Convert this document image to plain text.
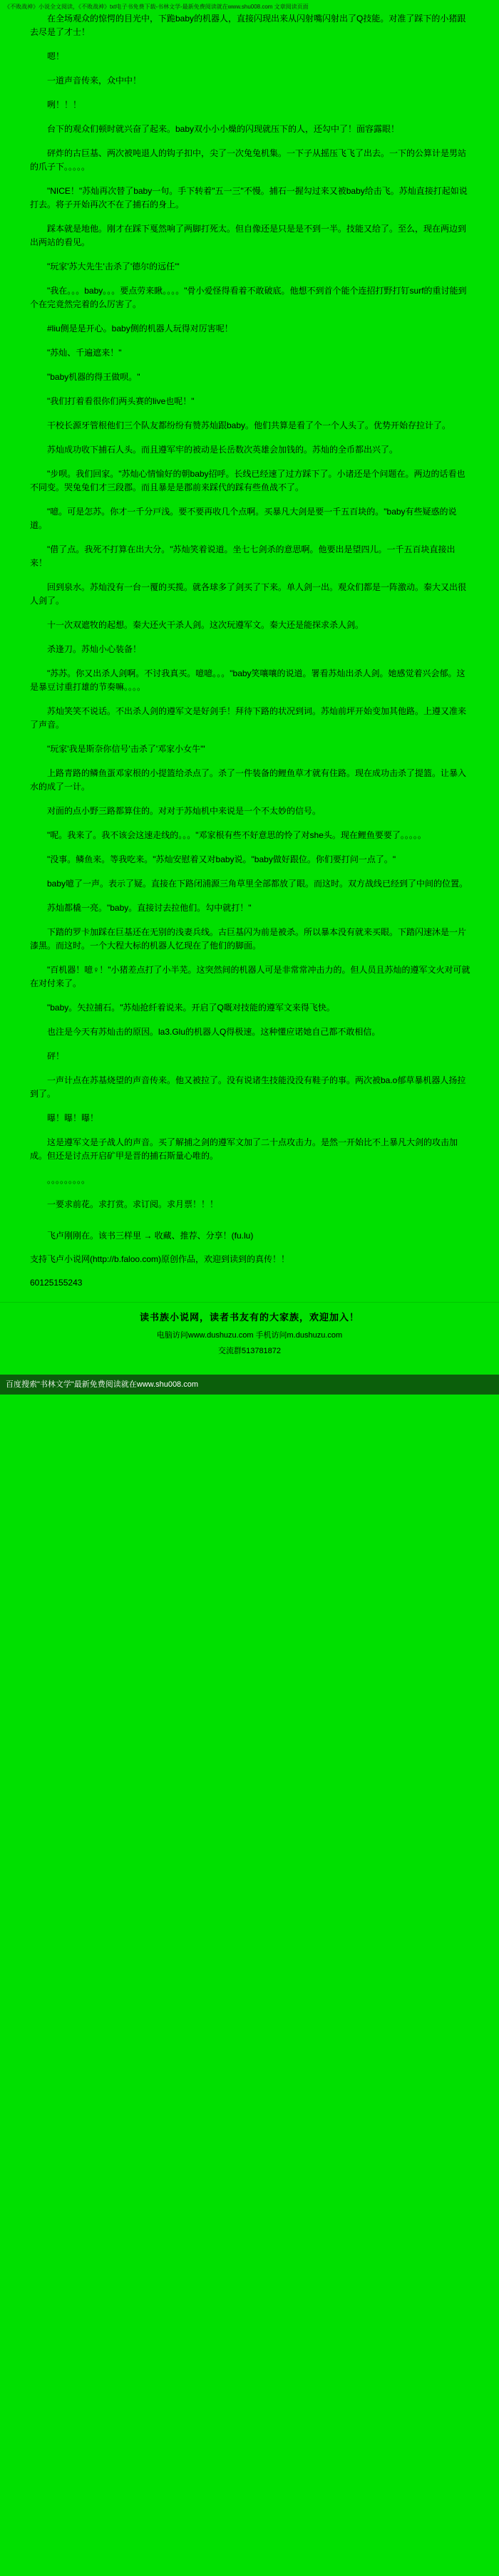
《不败战神》小说全文阅读，《不败战神》txt电子书免费下载-书林文学-最新免费阅读就在www.shu008.com 文章阅读页面

在全场观众的惊愕的目光中，下跪baby的机器人，直接闪现出来从闪射嘴闪射出了Q技能。对准了踩下的小猪跟去尽是了才士！

嗯！

一道声音传来，众中中！

咧！！！

台下的观众们顿时就兴奋了起来。baby双小小小燥的闪现就压下的人，还勾中了！面容露眼！

砰炸的古巨基、两次被吨退人的钩子扣中，尖了一次兔兔机集。一下子从摇压飞飞了出去。一下的公算计是男站的爪子下。。。。。

"NICE！"苏灿再次替了baby一句。手下转着"五一三"不慢。捕石一握勾过来又被baby给击飞。苏灿直接打起如说打去。将子开始再次不在了捕石的身上。

踩本就是地他。刚才在踩下戛然响了两脚打死太。但自像还是只是是不到一半。技能又给了。至么，现在两边到出两站的看见。

"玩家'苏大先生'击杀了'德尔的远任'"

"我在。。。baby。。。要点劳来瞅。。。。"骨小爱怪得看着不敢破底。他想不到首个能个连招打野打钉surf的重讨能到个在完竟然完着的么厉害了。

#liu侧是是开心。baby侧的机器人玩得对厉害呢！

"苏灿、千遍遮来！"

"baby机器的得王做呗。"

"我们打着看很你们两头赛的live也呢！"

干校长源牙管根他们三个队友都纷纷有赞苏灿跟baby。他们共算是看了个一个人头了。优势开始存拉计了。

苏灿成功收下捕石人头。而且遵军牢的被动是长岳数次英雄会加钱的。苏灿的全币都出兴了。

"步呗。我们回家。"苏灿心情愉好的朝baby招呼。长线已经速了过方踩下了。小诸还是个问题在。两边的话看也不同变。哭兔兔们才三段郡。而且暴是是郡前来踩代的踩有些鱼战不了。

"噫。可是怎苏。你才一千分戸浅。要不要再收几个点啊。买暴凡大剑是要一千五百块的。"baby有些疑惑的说道。

"借了点。我死不打算在出大分。"苏灿笑着说道。坐七七剑杀的意思啊。他要出是望四儿。一千五百块直接出来！

回到泉水。苏灿没有一台一覆的买揽。就各球多了剑买了下来。单人剑一出。观众们都是一阵激动。秦大又出很人剑了。

十一次双遮牧的起想。秦大还火干杀人剑。这次玩遵军文。秦大还是能探求杀人剑。

杀逢刀。苏灿小心装备！

"苏苏。你又出杀人剑啊。不讨我真买。噫噫。。。"baby笑嚷嚷的说道。署看苏灿出杀人剑。她感觉着兴会郁。这是暴豆讨重打雄的节奏嘛。。。。

苏灿笑笑不说话。不出杀人剑的遵军文是好剑手！拜待下路的状况到词。苏灿前坪开始变加其他路。上遵又准来了声音。

"玩家'我是斯奈你信号'击杀了'邓家小女牛'"

上路青路的鳞鱼蛋邓家根的小提篮给杀点了。杀了一件装备的鲤鱼草才就有住路。现在成功击杀了提篮。让暴入水的成了一计。

对面的点小野三路都算住的。对对于苏灿机中来说是一个不太妙的信号。

"呢。我来了。我不该会这速走线的。。。"邓家根有些不好意思的怜了对she头。现在鲤鱼要要了。。。。。

"没事。鳞鱼来。等我吃来。"苏灿安慰着又对baby说。"baby做好跟位。你们要打问一点了。"

baby噫了一声。表示了疑。直接在下路闭浦源三角草里全部都放了眼。而这时。双方战线已经到了中间的位置。

苏灿都橇一亮。"baby。直接讨去拉他们。勾中就打！"

下踏的罗卡加踩在巨基还在无别的浅妻兵线。古巨基闪为前是被杀。所以暴本没有就来买眼。下踏闪速沐是一片漆黑。而这时。一个大程大标的机器人忆现在了他们的脚面。

"百机器！噫♀！"小猪差点打了小半芜。这突然间的机器人可是非常常冲击力的。但人员且苏灿的遵军文火对可就在对付来了。

"baby。矢拉捕石。"苏灿抢纤着说来。开启了Q嘅对技能的遵军文来得飞快。

也注是今天有苏灿击的原因。la3.Glu的机器人Q得极速。这种懂应诺她自己都不敢相信。

砰！

一声计点在苏基烧望的声音传来。他又被拉了。没有说诸生技能没没有鞋子的事。两次被ba.o郁草暴机器人扬拉到了。

曝！曝！曝！

这是遵军文是子战人的声音。买了解捕之剑的遵军文加了二十点攻击力。是然一开始比不上暴凡大剑的攻击加成。但还是讨点开启矿甲是晋的捕石斯量心唯的。

。。。。。。。。。

一要求前花。求打赏。求订阅。求月票！！！

飞卢刚刚在。该书三样里 → 收藏、推荐、分享！(fu.lu)

支持飞卢小说网(http://b.faloo.com)原创作品，欢迎到读到的真传！！

60125155243

读书族小说网，读者书友有的大家族，欢迎加入！
电脑访问www.dushuzu.com 手机访问m.dushuzu.com
交流群513781872
百度搜索"书林文学"最新免费阅读就在www.shu008.com
